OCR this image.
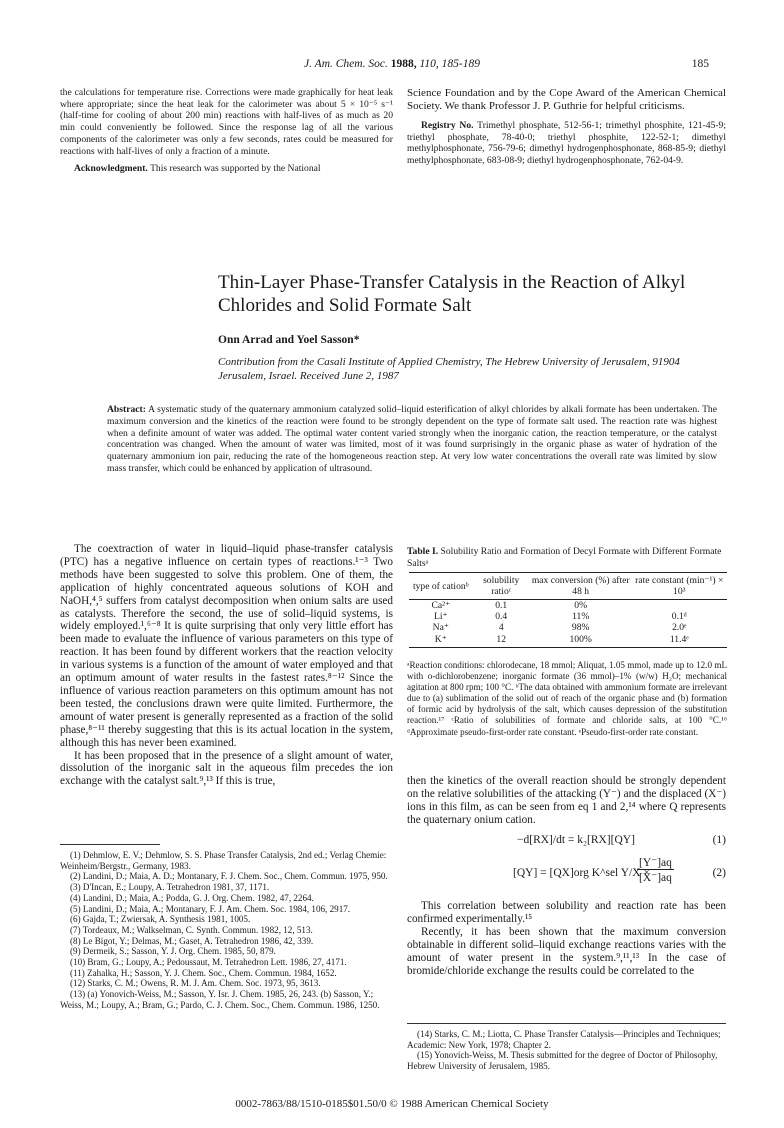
J. Am. Chem. Soc. 1988, 110, 185-189	185

the calculations for temperature rise. Corrections were made graphically for heat leak where appropriate; since the heat leak for the calorimeter was about 5 × 10⁻⁵ s⁻¹ (half-time for cooling of about 200 min) reactions with half-lives of as much as 20 min could conveniently be followed. Since the response lag of all the various components of the calorimeter was only a few seconds, rates could be measured for reactions with half-lives of only a fraction of a minute.

Acknowledgment. This research was supported by the National

Science Foundation and by the Cope Award of the American Chemical Society. We thank Professor J. P. Guthrie for helpful criticisms.

Registry No. Trimethyl phosphate, 512-56-1; trimethyl phosphite, 121-45-9; triethyl phosphate, 78-40-0; triethyl phosphite, 122-52-1; dimethyl methylphosphonate, 756-79-6; dimethyl hydrogenphosphonate, 868-85-9; diethyl methylphosphonate, 683-08-9; diethyl hydrogenphosphonate, 762-04-9.

Thin-Layer Phase-Transfer Catalysis in the Reaction of Alkyl Chlorides and Solid Formate Salt
Onn Arrad and Yoel Sasson*
Contribution from the Casali Institute of Applied Chemistry, The Hebrew University of Jerusalem, 91904 Jerusalem, Israel. Received June 2, 1987
Abstract: A systematic study of the quaternary ammonium catalyzed solid–liquid esterification of alkyl chlorides by alkali formate has been undertaken. The maximum conversion and the kinetics of the reaction were found to be strongly dependent on the type of formate salt used. The reaction rate was highest when a definite amount of water was added. The optimal water content varied strongly when the inorganic cation, the reaction temperature, or the catalyst concentration was changed. When the amount of water was limited, most of it was found surprisingly in the organic phase as water of hydration of the quaternary ammonium ion pair, reducing the rate of the homogeneous reaction step. At very low water concentrations the overall rate was limited by slow mass transfer, which could be enhanced by application of ultrasound.

The coextraction of water in liquid–liquid phase-transfer catalysis (PTC) has a negative influence on certain types of reactions.¹⁻³ Two methods have been suggested to solve this problem. One of them, the application of highly concentrated aqueous solutions of KOH and NaOH,⁴,⁵ suffers from catalyst decomposition when onium salts are used as catalysts. Therefore the second, the use of solid–liquid systems, is widely employed.¹,⁶⁻⁸ It is quite surprising that only very little effort has been made to evaluate the influence of various parameters on this type of reaction. It has been found by different workers that the reaction velocity in various systems is a function of the amount of water employed and that an optimum amount of water results in the fastest rates.⁸⁻¹² Since the influence of various reaction parameters on this optimum amount has not been tested, the conclusions drawn were quite limited. Furthermore, the amount of water present is generally represented as a fraction of the solid phase,⁸⁻¹¹ thereby suggesting that this is its actual location in the system, although this has never been examined.

It has been proposed that in the presence of a slight amount of water, dissolution of the inorganic salt in the aqueous film precedes the ion exchange with the catalyst salt.⁹,¹³ If this is true,

Table I. Solubility Ratio and Formation of Decyl Formate with Different Formate Saltsᵃ
type of cationᵇ	solubility ratioᶜ	max conversion (%) after 48 h	rate constant (min⁻¹) × 10³
Ca²⁺	0.1	0%	
Li⁺	0.4	11%	0.1ᵈ
Na⁺	4	98%	2.0ᵉ
K⁺	12	100%	11.4ᵉ
ᵃReaction conditions: chlorodecane, 18 mmol; Aliquat, 1.05 mmol, made up to 12.0 mL with o-dichlorobenzene; inorganic formate (36 mmol)–1% (w/w) H₂O; mechanical agitation at 800 rpm; 100 °C. ᵇThe data obtained with ammonium formate are irrelevant due to (a) sublimation of the solid out of reach of the organic phase and (b) formation of formic acid by hydrolysis of the salt, which causes depression of the substitution reaction.¹⁷ ᶜRatio of solubilities of formate and chloride salts, at 100 °C.¹⁶ ᵈApproximate pseudo-first-order rate constant. ᵉPseudo-first-order rate constant.

then the kinetics of the overall reaction should be strongly dependent on the relative solubilities of the attacking (Y⁻) and the displaced (X⁻) ions in this film, as can be seen from eq 1 and 2,¹⁴ where Q represents the quaternary onium cation.

−d[RX]/dt = k₂[RX][QY]	(1)
[QY] = [QX]org K^sel Y/X ×
$\frac{[Y^-]aq}{[X^-]aq}$	(2)

This correlation between solubility and reaction rate has been confirmed experimentally.¹⁵

Recently, it has been shown that the maximum conversion obtainable in different solid–liquid exchange reactions varies with the amount of water present in the system.⁹,¹¹,¹³ In the case of bromide/chloride exchange the results could be correlated to the

(1) Dehmlow, E. V.; Dehmlow, S. S. Phase Transfer Catalysis, 2nd ed.; Verlag Chemie: Weinheim/Bergstr., Germany, 1983.

(2) Landini, D.; Maia, A. D.; Montanary, F. J. Chem. Soc., Chem. Commun. 1975, 950.

(3) D'Incan, E.; Loupy, A. Tetrahedron 1981, 37, 1171.

(4) Landini, D.; Maia, A.; Podda, G. J. Org. Chem. 1982, 47, 2264.

(5) Landini, D.; Maia, A.; Montanary, F. J. Am. Chem. Soc. 1984, 106, 2917.

(6) Gajda, T.; Zwiersak, A. Synthesis 1981, 1005.

(7) Tordeaux, M.; Walkselman, C. Synth. Commun. 1982, 12, 513.

(8) Le Bigot, Y.; Delmas, M.; Gaset, A. Tetrahedron 1986, 42, 339.

(9) Dermeik, S.; Sasson, Y. J. Org. Chem. 1985, 50, 879.

(10) Bram, G.; Loupy, A.; Pedoussaut, M. Tetrahedron Lett. 1986, 27, 4171.

(11) Zahalka, H.; Sasson, Y. J. Chem. Soc., Chem. Commun. 1984, 1652.

(12) Starks, C. M.; Owens, R. M. J. Am. Chem. Soc. 1973, 95, 3613.

(13) (a) Yonovich-Weiss, M.; Sasson, Y. Isr. J. Chem. 1985, 26, 243. (b) Sasson, Y.; Weiss, M.; Loupy, A.; Bram, G.; Pardo, C. J. Chem. Soc., Chem. Commun. 1986, 1250.

(14) Starks, C. M.; Liotta, C. Phase Transfer Catalysis—Principles and Techniques; Academic: New York, 1978; Chapter 2.

(15) Yonovich-Weiss, M. Thesis submitted for the degree of Doctor of Philosophy, Hebrew University of Jerusalem, 1985.

0002-7863/88/1510-0185$01.50/0 © 1988 American Chemical Society
